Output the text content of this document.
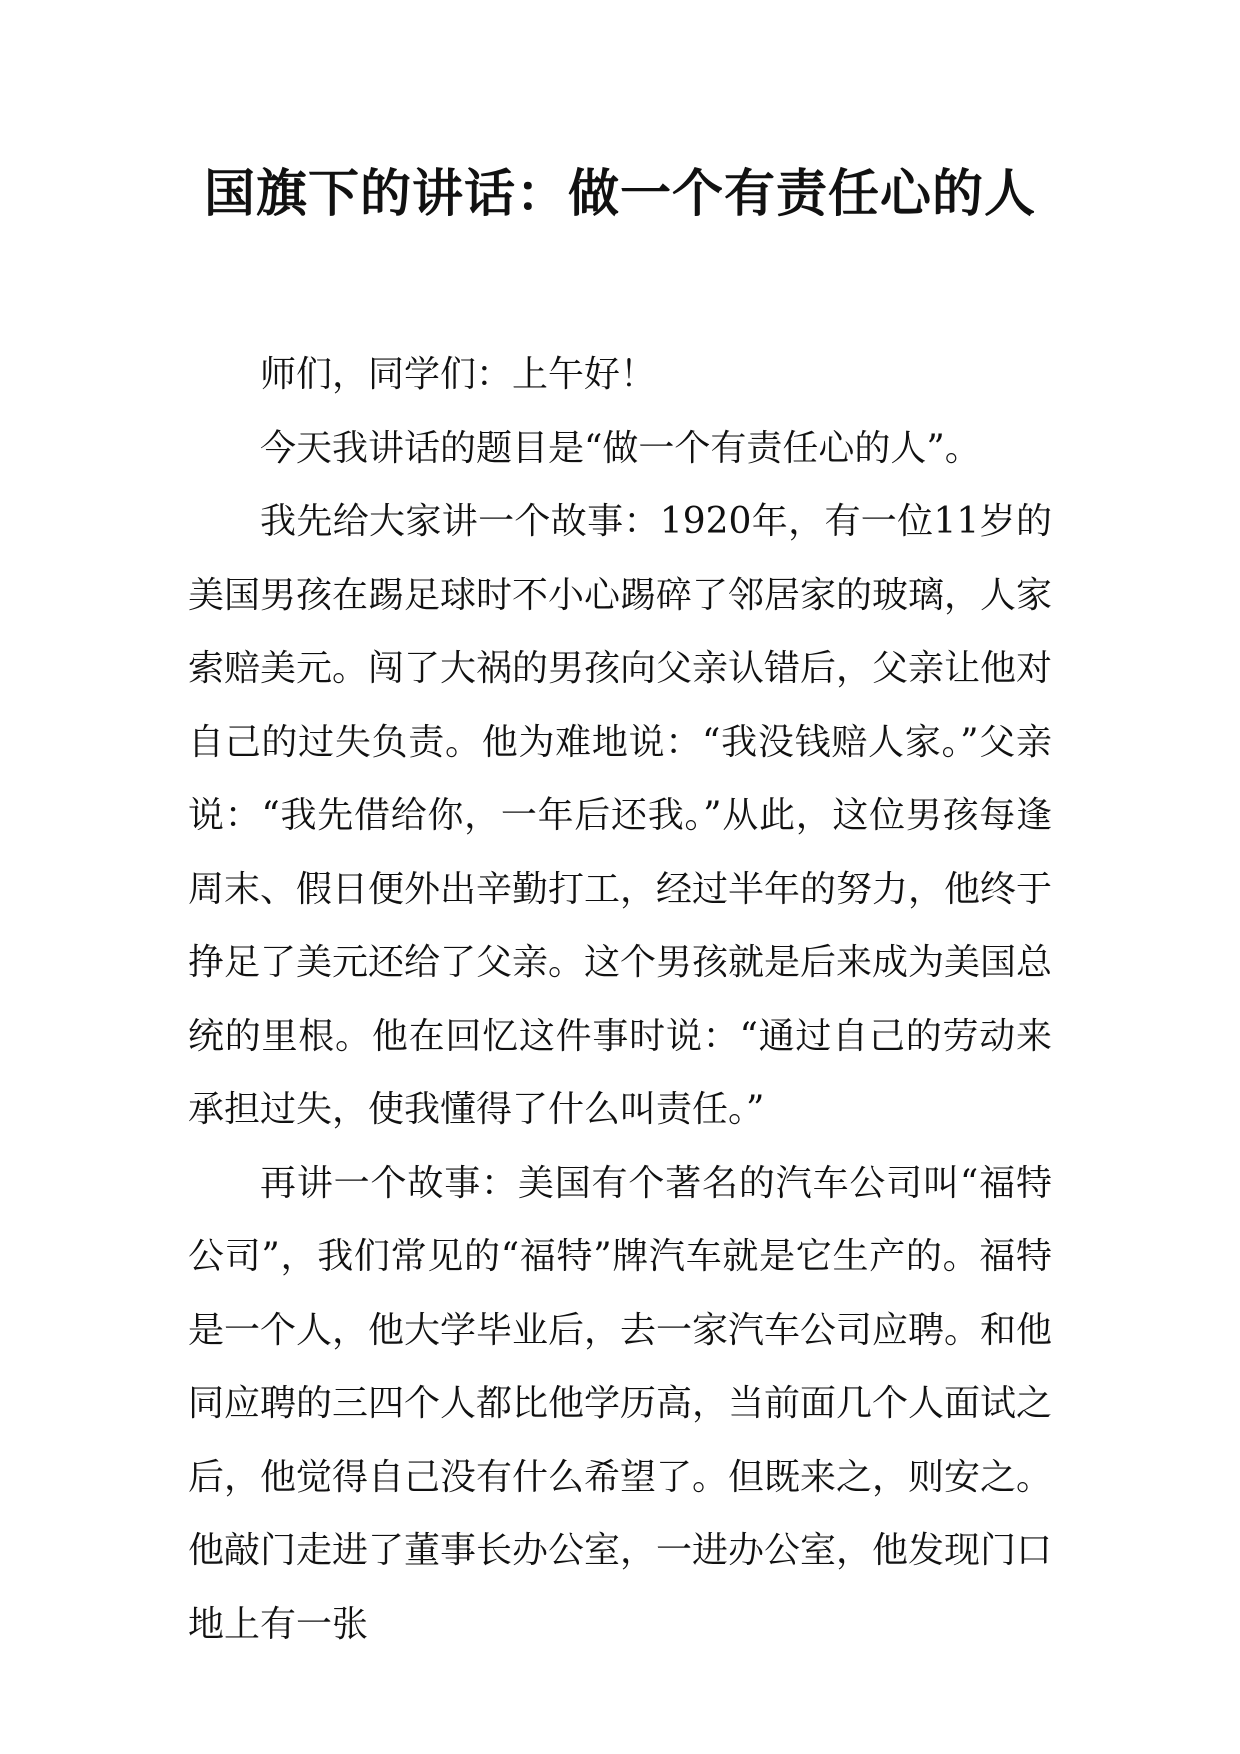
国旗下的讲话：做一个有责任心的人

师们，同学们：上午好！

今天我讲话的题目是“做一个有责任心的人”。

我先给大家讲一个故事：1920年，有一位11岁的美国男孩在踢足球时不小心踢碎了邻居家的玻璃，人家索赔美元。闯了大祸的男孩向父亲认错后，父亲让他对自己的过失负责。他为难地说：“我没钱赔人家。”父亲说：“我先借给你，一年后还我。”从此，这位男孩每逢周末、假日便外出辛勤打工，经过半年的努力，他终于挣足了美元还给了父亲。这个男孩就是后来成为美国总统的里根。他在回忆这件事时说：“通过自己的劳动来承担过失，使我懂得了什么叫责任。”

再讲一个故事：美国有个著名的汽车公司叫“福特公司”，我们常见的“福特”牌汽车就是它生产的。福特是一个人，他大学毕业后，去一家汽车公司应聘。和他同应聘的三四个人都比他学历高，当前面几个人面试之后，他觉得自己没有什么希望了。但既来之，则安之。他敲门走进了董事长办公室，一进办公室，他发现门口地上有一张
